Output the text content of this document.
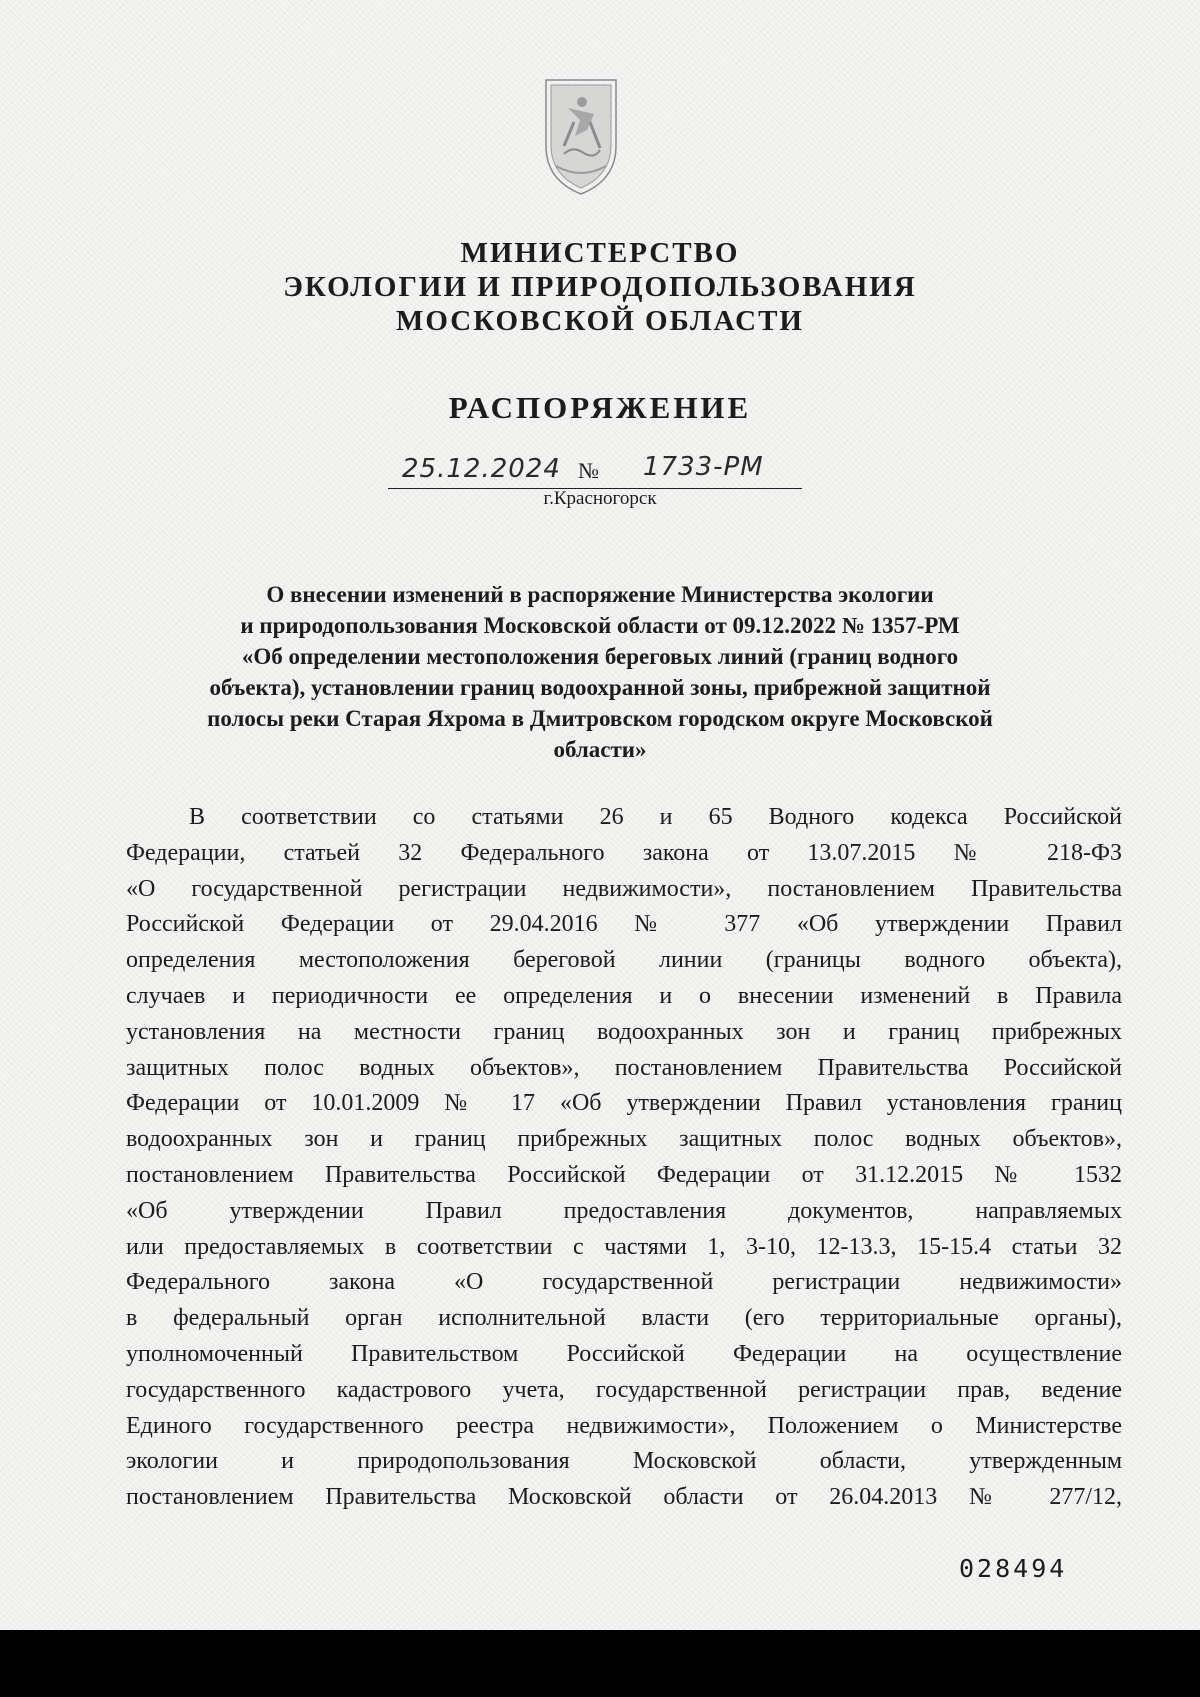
МИНИСТЕРСТВО
ЭКОЛОГИИ И ПРИРОДОПОЛЬЗОВАНИЯ
МОСКОВСКОЙ ОБЛАСТИ
РАСПОРЯЖЕНИЕ
25.12.2024 № 1733-РМ
г.Красногорск
О внесении изменений в распоряжение Министерства экологии
и природопользования Московской области от 09.12.2022 № 1357-РМ
«Об определении местоположения береговых линий (границ водного
объекта), установлении границ водоохранной зоны, прибрежной защитной
полосы реки Старая Яхрома в Дмитровском городском округе Московской
области»
В соответствии со статьями 26 и 65 Водного кодекса Российской
Федерации, статьей 32 Федерального закона от 13.07.2015 № 218-ФЗ
«О государственной регистрации недвижимости», постановлением Правительства
Российской Федерации от 29.04.2016 № 377 «Об утверждении Правил
определения местоположения береговой линии (границы водного объекта),
случаев и периодичности ее определения и о внесении изменений в Правила
установления на местности границ водоохранных зон и границ прибрежных
защитных полос водных объектов», постановлением Правительства Российской
Федерации от 10.01.2009 № 17 «Об утверждении Правил установления границ
водоохранных зон и границ прибрежных защитных полос водных объектов»,
постановлением Правительства Российской Федерации от 31.12.2015 № 1532
«Об утверждении Правил предоставления документов, направляемых
или предоставляемых в соответствии с частями 1, 3-10, 12-13.3, 15-15.4 статьи 32
Федерального закона «О государственной регистрации недвижимости»
в федеральный орган исполнительной власти (его территориальные органы),
уполномоченный Правительством Российской Федерации на осуществление
государственного кадастрового учета, государственной регистрации прав, ведение
Единого государственного реестра недвижимости», Положением о Министерстве
экологии и природопользования Московской области, утвержденным
постановлением Правительства Московской области от 26.04.2013 № 277/12,
028494
